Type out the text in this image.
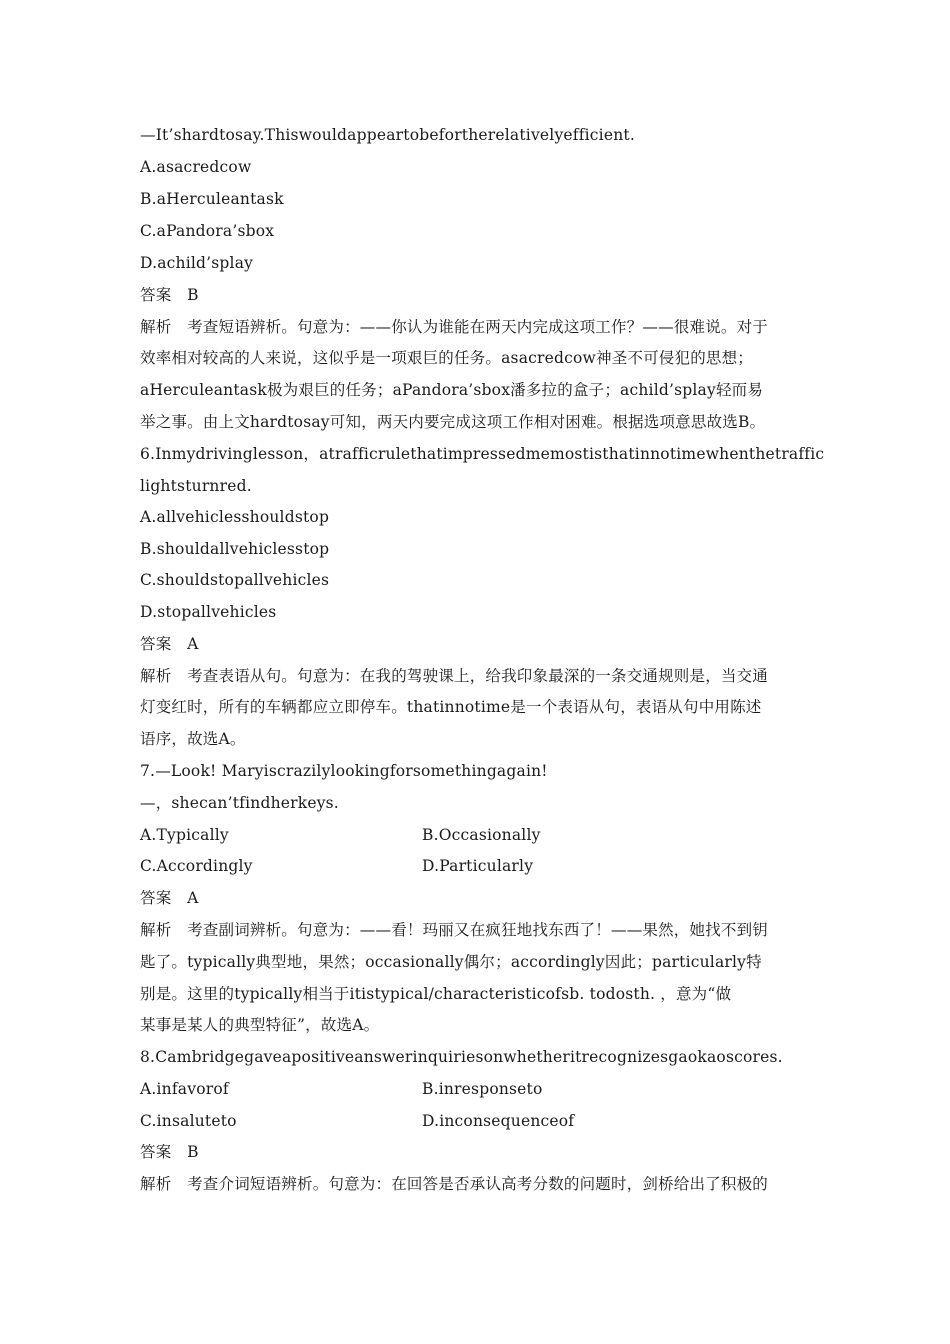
—It’shardtosay.Thiswouldappeartobefortherelativelyefficient.
A.asacredcow
B.aHerculeantask
C.aPandora’sbox
D.achild’splay
答案　B
解析　考查短语辨析。句意为：——你认为谁能在两天内完成这项工作？——很难说。对于
效率相对较高的人来说，这似乎是一项艰巨的任务。asacredcow神圣不可侵犯的思想；
aHerculeantask极为艰巨的任务；aPandora’sbox潘多拉的盒子；achild’splay轻而易
举之事。由上文hardtosay可知，两天内要完成这项工作相对困难。根据选项意思故选B。
6.Inmydrivinglesson，atrafficrulethatimpressedmemostisthatinnotimewhenthetraffic
lightsturnred.
A.allvehiclesshouldstop
B.shouldallvehiclesstop
C.shouldstopallvehicles
D.stopallvehicles
答案　A
解析　考查表语从句。句意为：在我的驾驶课上，给我印象最深的一条交通规则是，当交通
灯变红时，所有的车辆都应立即停车。thatinnotime是一个表语从句，表语从句中用陈述
语序，故选A。
7.—Look! Maryiscrazilylookingforsomethingagain!
—，shecan’tfindherkeys.
A.Typically	B.Occasionally
C.Accordingly	D.Particularly
答案　A
解析　考查副词辨析。句意为：——看！玛丽又在疯狂地找东西了！——果然，她找不到钥
匙了。typically典型地，果然；occasionally偶尔；accordingly因此；particularly特
别是。这里的typically相当于itistypical/characteristicofsb. todosth. ，意为“做
某事是某人的典型特征”，故选A。
8.Cambridgegaveapositiveanswerinquiriesonwhetheritrecognizesgaokaoscores.
A.infavorof	B.inresponseto
C.insaluteto	D.inconsequenceof
答案　B
解析　考查介词短语辨析。句意为：在回答是否承认高考分数的问题时，剑桥给出了积极的
